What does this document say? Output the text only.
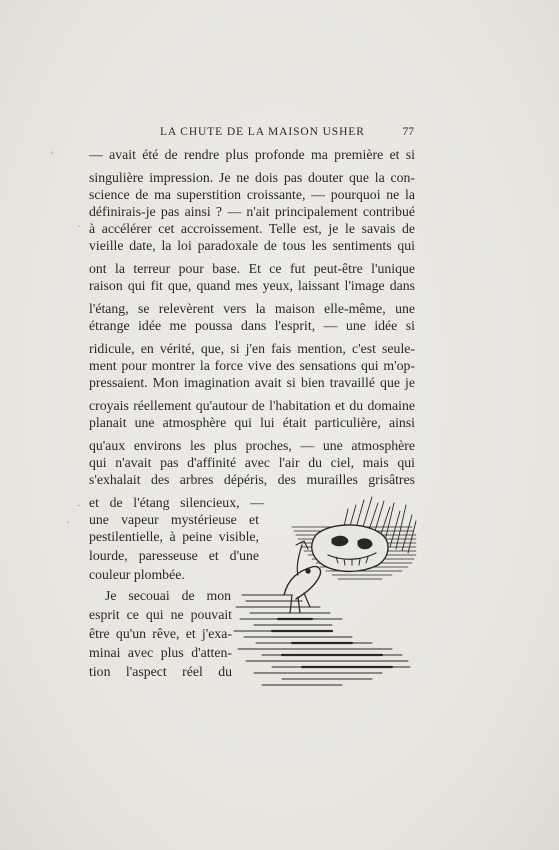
LA CHUTE DE LA MAISON USHER	77
— avait été de rendre plus profonde ma première et si
singulière impression. Je ne dois pas douter que la con-
science de ma superstition croissante, — pourquoi ne la
définirais-je pas ainsi ? — n'ait principalement contribué
à accélérer cet accroissement. Telle est, je le savais de
vieille date, la loi paradoxale de tous les sentiments qui
ont la terreur pour base. Et ce fut peut-être l'unique
raison qui fit que, quand mes yeux, laissant l'image dans
l'étang, se relevèrent vers la maison elle-même, une
étrange idée me poussa dans l'esprit, — une idée si
ridicule, en vérité, que, si j'en fais mention, c'est seule-
ment pour montrer la force vive des sensations qui m'op-
pressaient. Mon imagination avait si bien travaillé que je
croyais réellement qu'autour de l'habitation et du domaine
planait une atmosphère qui lui était particulière, ainsi
qu'aux environs les plus proches, — une atmosphère
qui n'avait pas d'affinité avec l'air du ciel, mais qui
s'exhalait des arbres dépéris, des murailles grisâtres
et de l'étang silencieux, —
une vapeur mystérieuse et
pestilentielle, à peine visible,
lourde, paresseuse et d'une
couleur plombée.
Je secouai de mon
esprit ce qui ne pouvait
être qu'un rêve, et j'exa-
minai avec plus d'atten-
tion l'aspect réel du
◦
·
·
·
